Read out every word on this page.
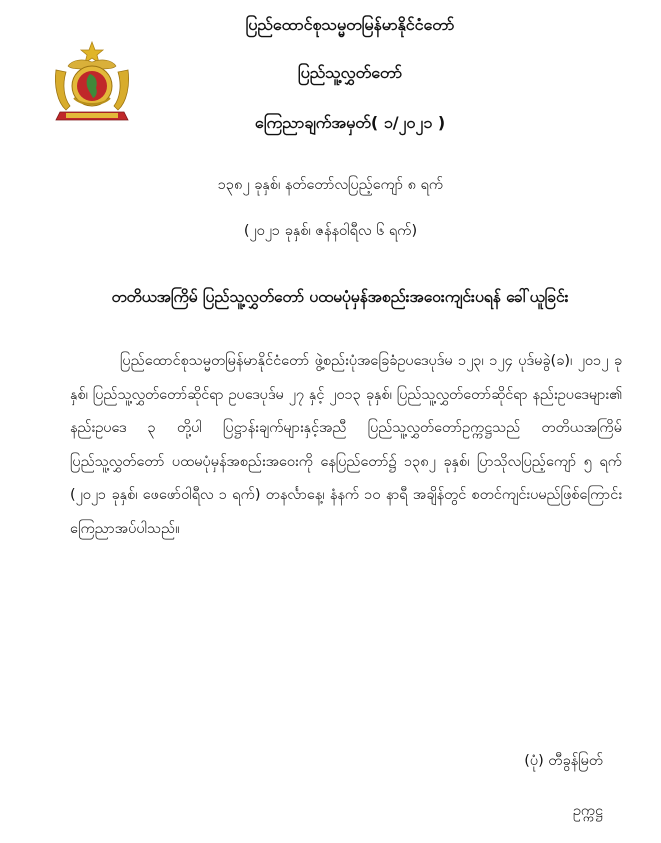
ပြည်ထောင်စုသမ္မတမြန်မာနိုင်ငံတော်
ပြည်သူ့လွှတ်တော်
ကြေညာချက်အမှတ်( ၁/၂၀၂၁ )
၁၃၈၂ ခုနှစ်၊ နတ်တော်လပြည့်ကျော် ၈ ရက်
(၂၀၂၁ ခုနှစ်၊ ဇန်နဝါရီလ ၆ ရက်)
တတိယအကြိမ် ပြည်သူ့လွှတ်တော် ပထမပုံမှန်အစည်းအဝေးကျင်းပရန် ခေါ်ယူခြင်း
ပြည်ထောင်စုသမ္မတမြန်မာနိုင်ငံတော် ဖွဲ့စည်းပုံအခြေခံဥပဒေပုဒ်မ ၁၂၃၊ ၁၂၄ ပုဒ်မခွဲ(ခ)၊ ၂၀၁၂ ခုနှစ်၊ ပြည်သူ့လွှတ်တော်ဆိုင်ရာ ဥပဒေပုဒ်မ ၂၇ နှင့် ၂၀၁၃ ခုနှစ်၊ ပြည်သူ့လွှတ်တော်ဆိုင်ရာ နည်းဥပဒေများ၏ နည်းဥပဒေ ၃ တို့ပါ ပြဋ္ဌာန်းချက်များနှင့်အညီ ပြည်သူ့လွှတ်တော်ဥက္ကဋ္ဌသည် တတိယအကြိမ် ပြည်သူ့လွှတ်တော် ပထမပုံမှန်အစည်းအဝေးကို နေပြည်တော်၌ ၁၃၈၂ ခုနှစ်၊ ပြာသိုလပြည့်ကျော် ၅ ရက် (၂၀၂၁ ခုနှစ်၊ ဖေဖော်ဝါရီလ ၁ ရက်) တနင်္လာနေ့၊ နံနက် ၁၀ နာရီ အချိန်တွင် စတင်ကျင်းပမည်ဖြစ်ကြောင်း ကြေညာအပ်ပါသည်။
(ပုံ) တီခွန်မြတ်
ဥက္ကဋ္ဌ
